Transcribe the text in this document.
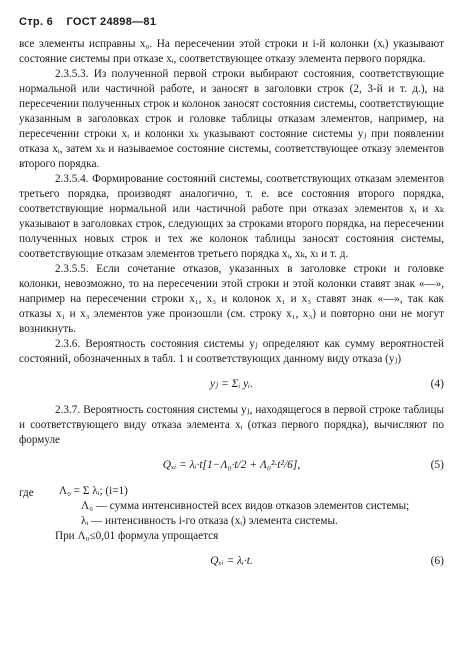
Стр. 6 ГОСТ 24898—81

все элементы исправны x₀. На пересечении этой строки и i-й колонки (xᵢ) указывают состояние системы при отказе xᵢ, соответствующее отказу элемента первого порядка.

2.3.5.3. Из полученной первой строки выбирают состояния, соответствующие нормальной или частичной работе, и заносят в заголовки строк (2, 3-й и т. д.), на пересечении полученных строк и колонок заносят состояния системы, соответствующие указанным в заголовках строк и головке таблицы отказам элементов, например, на пересечении строки xᵢ и колонки xₖ указывают состояние системы yⱼ при появлении отказа xᵢ, затем xₖ и называемое состояние системы, соответствующее отказу элементов второго порядка.

2.3.5.4. Формирование состояний системы, соответствующих отказам элементов третьего порядка, производят аналогично, т. е. все состояния второго порядка, соответствующие нормальной или частичной работе при отказах элементов xᵢ и xₖ указывают в заголовках строк, следующих за строками второго порядка, на пересечении полученных новых строк и тех же колонок таблицы заносят состояния системы, соответствующие отказам элементов третьего порядка xᵢ, xₖ, xₗ и т. д.

2.3.5.5. Если сочетание отказов, указанных в заголовке строки и головке колонки, невозможно, то на пересечении этой строки и этой колонки ставят знак «—», например на пересечении строки x₁, x₃ и колонок x₁ и x₃ ставят знак «—», так как отказы x₁ и x₃ элементов уже произошли (см. строку x₁, x₃) и повторно они не могут возникнуть.

2.3.6. Вероятность состояния системы yⱼ определяют как сумму вероятностей состояний, обозначенных в табл. 1 и соответствующих данному виду отказа (yⱼ)

yⱼ = Σᵢ yᵢ.	(4)

2.3.7. Вероятность состояния системы yⱼ, находящегося в первой строке таблицы и соответствующего виду отказа элемента xᵢ (отказ первого порядка), вычисляют по формуле

Qₓᵢ = λᵢ·t[1−Λ₀·t/2 + Λ₀²·t²/6],	(5)
где Λ₀ = Σ λᵢ; (i=1)

Λ₀ — сумма интенсивностей всех видов отказов элементов системы;

λᵢ — интенсивность i-го отказа (xᵢ) элемента системы.

При Λ₀≤0,01 формула упрощается

Qₓᵢ = λᵢ·t.	(6)
